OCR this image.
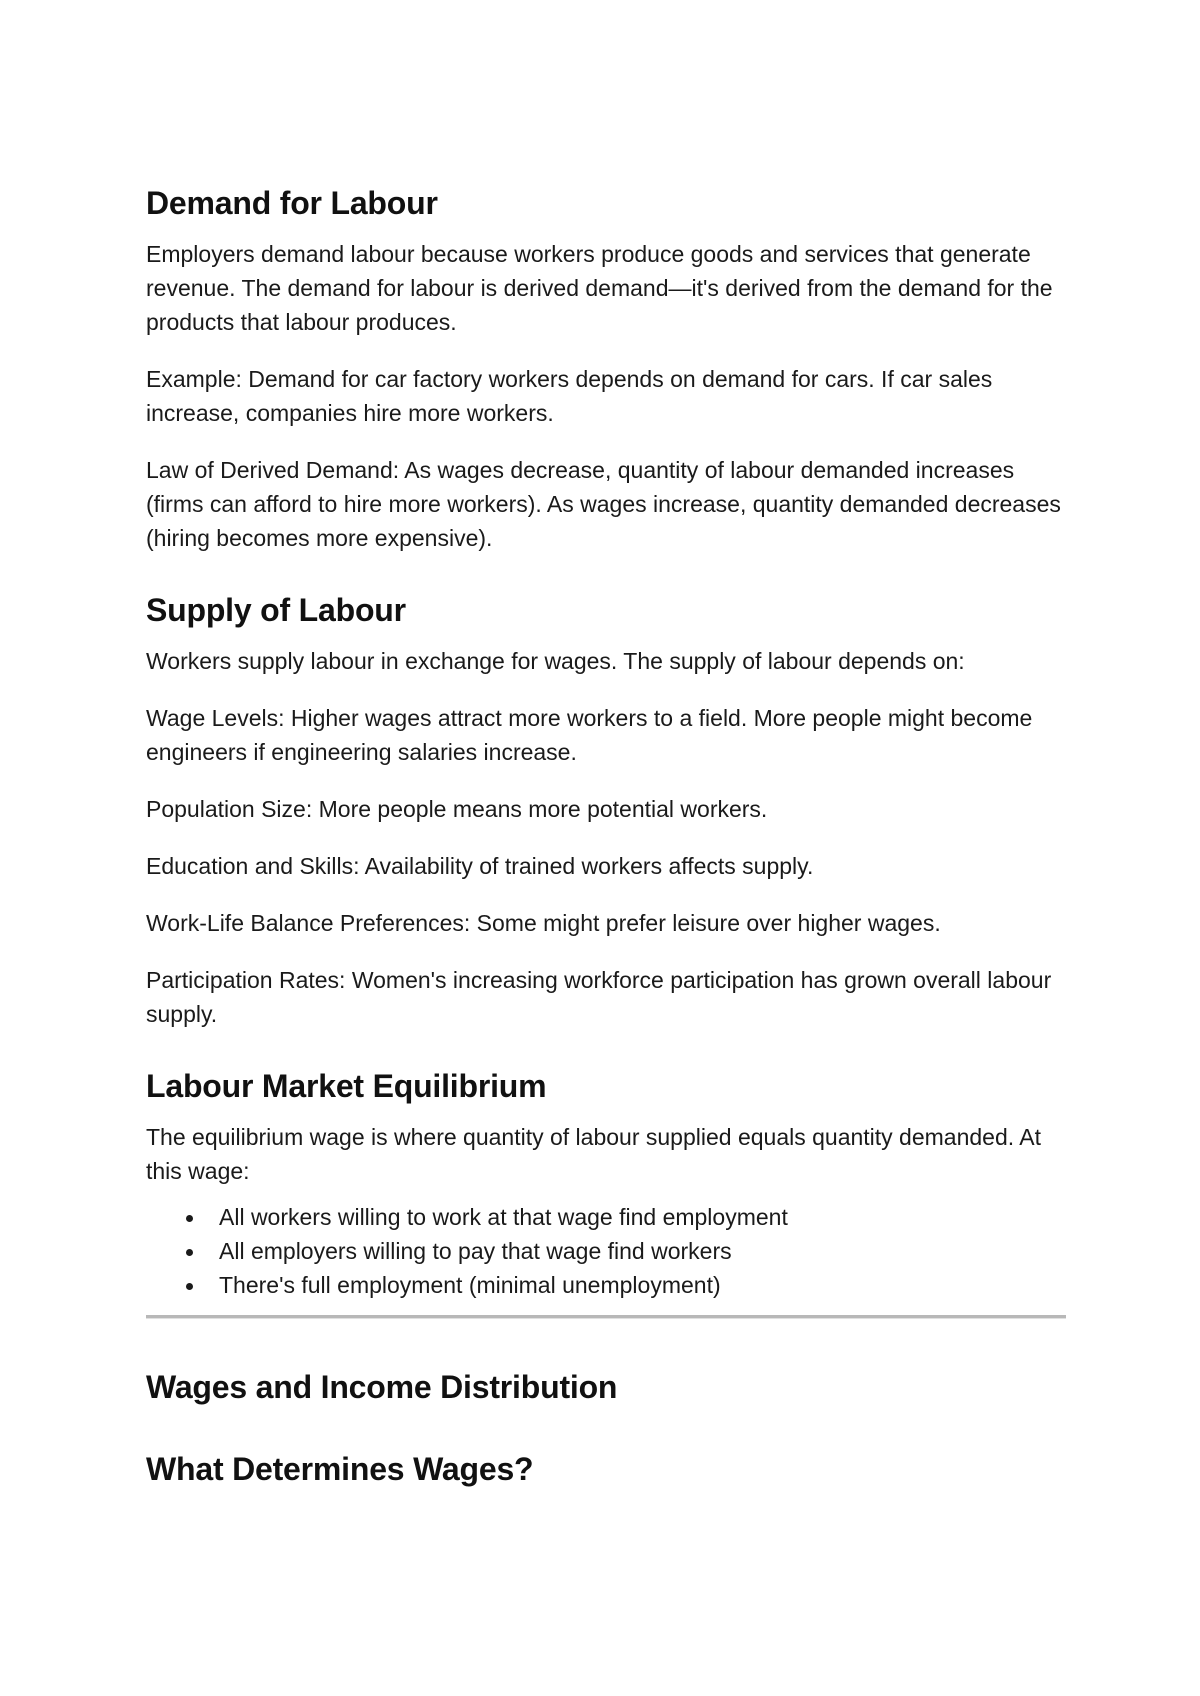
Demand for Labour

Employers demand labour because workers produce goods and services that generate revenue. The demand for labour is derived demand—it's derived from the demand for the products that labour produces.

Example: Demand for car factory workers depends on demand for cars. If car sales increase, companies hire more workers.

Law of Derived Demand: As wages decrease, quantity of labour demanded increases (firms can afford to hire more workers). As wages increase, quantity demanded decreases (hiring becomes more expensive).

Supply of Labour

Workers supply labour in exchange for wages. The supply of labour depends on:

Wage Levels: Higher wages attract more workers to a field. More people might become engineers if engineering salaries increase.

Population Size: More people means more potential workers.

Education and Skills: Availability of trained workers affects supply.

Work-Life Balance Preferences: Some might prefer leisure over higher wages.

Participation Rates: Women's increasing workforce participation has grown overall labour supply.

Labour Market Equilibrium

The equilibrium wage is where quantity of labour supplied equals quantity demanded. At this wage:

All workers willing to work at that wage find employment
All employers willing to pay that wage find workers
There's full employment (minimal unemployment)
Wages and Income Distribution
What Determines Wages?
